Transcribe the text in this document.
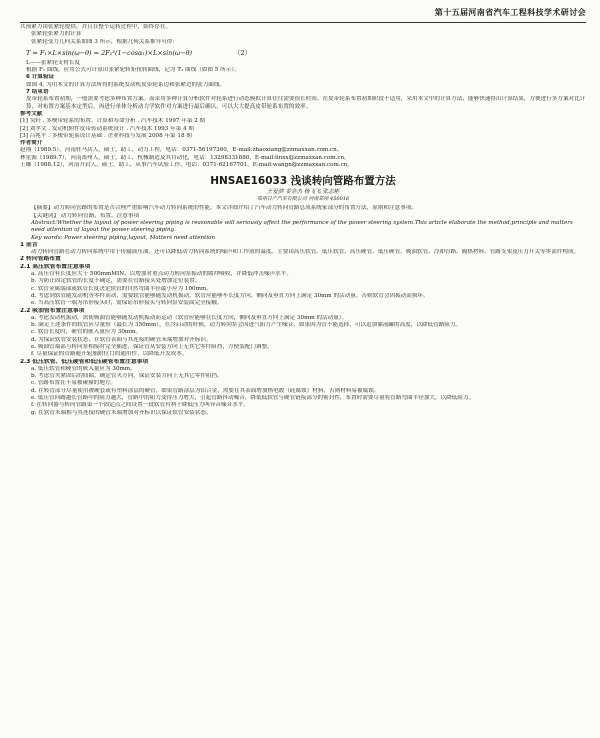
第十五届河南省汽车工程科技学术研讨会

共预紧力由张紧轮提供，并且在整个运转过程中，始终存在。

张紧轮张紧力的计算

张紧轮受力几何关系如图 3 所示，根据几何关系推导可得：

T = F₁×L×sin(ω−θ) = 2F₁²(1−cosα₁)×L×sin(ω−θ)	（2）

L——张紧轮支臂长度

根据 F₁ 曲线，应用公式可计算出张紧轮转矩扭转曲线，记为 T₁ 曲线（如图 5 所示）。

6 计算验证

如图 4, 为用本文的计算方法所得的系统发动机皮带轮系边和张紧边的张力曲线。

7 结束语

皮带轮系布置初期，一般需要考虑多种布置方案。而采用多种计算分析软件对轮系进行动态模拟计算往往需要很长时间。在皮带轮系布置初期阶段不适用，采用本文中的计算方法，能够快速得出计算结果，方便进行多方案对比计算，对布置方案基本定型后，再进行单体分析动力学软件对方案进行最后确认，可以大大提高皮带轮系布置的效率。

参考文献

[1] 吴轩 . 多楔带轮系的布置、计算和寿命分析 . 汽车技术 1997 年第 2 期

[2] 刘孝文 . 发动机附件皮带传动系统设计 . 汽车技术 1993 年第 4 期

[3] 吕兆平 . 多楔带轮系设计基础 . 企业科技与发展 2008 年第 18 期

作者简介

赵翔（1989.5），河南驻马店人，硕士，助工，动力工程，电话：0371-56197360，E-mail:zhaoxiang@zzmaxxan.com.cn。

林星源（1989.7），河南郑州人，硕士，助工，机械制造及其自动化，电话：13298331880，E-mail:linxx@zzmaxxan.com.cn。

王娜（1988.12），河南开封人，硕士，助工，从事汽车试验工作，电话：0371-62167701，E-mail:wangn@zzmaxxan.com.cn。

HNSAE16033 浅谈转向管路布置方法
王爱滨 姜金杰 杨飞飞 张志彬
郑州日产汽车有限公司 河南郑州 450016

【摘要】动力转向管路的布置是否合理严重影响汽车动力转向系统的性能。本文详细介绍了汽车动力转向管路总成系统家部分的布置方法，原则和注意事项。

【关键词】 动力转向管路，布置，注意事项

Abstract:Whether the layout of power steering piping is reasonable will seriously affect the performance of the power steering system.This article elaborate the method,principle and matters need attention of layout the power steering piping.

Key words: Power steering piping,layout, Matters need attention

1 前言

动力转向管路在动力转向系统中用于传输液压油，还可以降低动力转向系统的噪声和工作液的温度。主要由高压软管、低压软管、高压硬管、低压硬管、吸油软管、冷却管路、隔热材料、管路支架及压力开关等零部件构成。

2 转向管路布置

2.1 高压软管布置注意事项

a. 高压管有长度应大于 500mmMIN，以增加对重点动力转向泵振动的缓冲吸收，并降低冲击噪声水平。

b. 为防止固定软管的长度不确定，需要在管路接头处增加定位装置。

c. 软管金属端部或软管长度决定软管的自然弯曲半径最小应为 100mm。

d. 考虑到软管随发动机等零件而动，需要软管能够随发动机振动，软管应能够车长度方向、侧向及垂直方向上满足 30mm 的活动量、否则软管会因振动而损坏。

e. 当高压软管一端为吊形接头时，需保证吊形接头与转向泵安装面完全接触。

2.2 吸油管布置注意事项

a. 考虑发动机振动，需使吸油管能够随发动机振动而运动（软管应能够在长度方向，侧向及垂直方向上满足 30mm 的活动量）。

b. 满足上述条件的软管应尽量短（最长为 350mm），在冷启动的时候，动力转向泵会因进气阻力产生噪音，如果因为管不能选择，可以追加储液罐的高度，以降低管路阻力。

c. 软管长度时，硬管的嵌入量应为 30mm。

d. 为保证软管安装状态，在软管表面与其连接的硬管末端增加对齐标识。

e. 吸油管端部与转向泵相接时完全插进，保证管从安装方向上无其它零件阻挡，方便装配门调整。

f. 尽量保证的管路避开轮胎附位口的通用件，以降低开发成本。

2.3 低压软管、低压硬管和低压硬管布置注意事项

a. 低压软管和硬管的嵌入量应为 30mm。

b. 考虑管夹紧固后的间隙，确定管夹方向，保证安装方向上无其它零件阻挡。

c. 管路布置在不易被碰撞的地方。

d. 在转管部分尽量使用被硬套或有塑料涂层的硬管，如果管路涂层为铝合金，需要在其表面增加热电镀（硅腐蚀）材料，否则材料易被腐蚀。

e. 低压管回路越长管路中的阻力越大，管路中的阻力变得压力增大，引起管路抖动噪音，降低低软管与硬管链接部分的密封性，布置时需要尽量将管路弯曲半径加大，以降低阻力。

f. 在转向器与转向管路第一个固定点之间设置一段软管有利于降低压力叫异音噪音水平。

g. 在软管末端相与其连接的硬管末端增加对齐标识以保证软管安装状态。
